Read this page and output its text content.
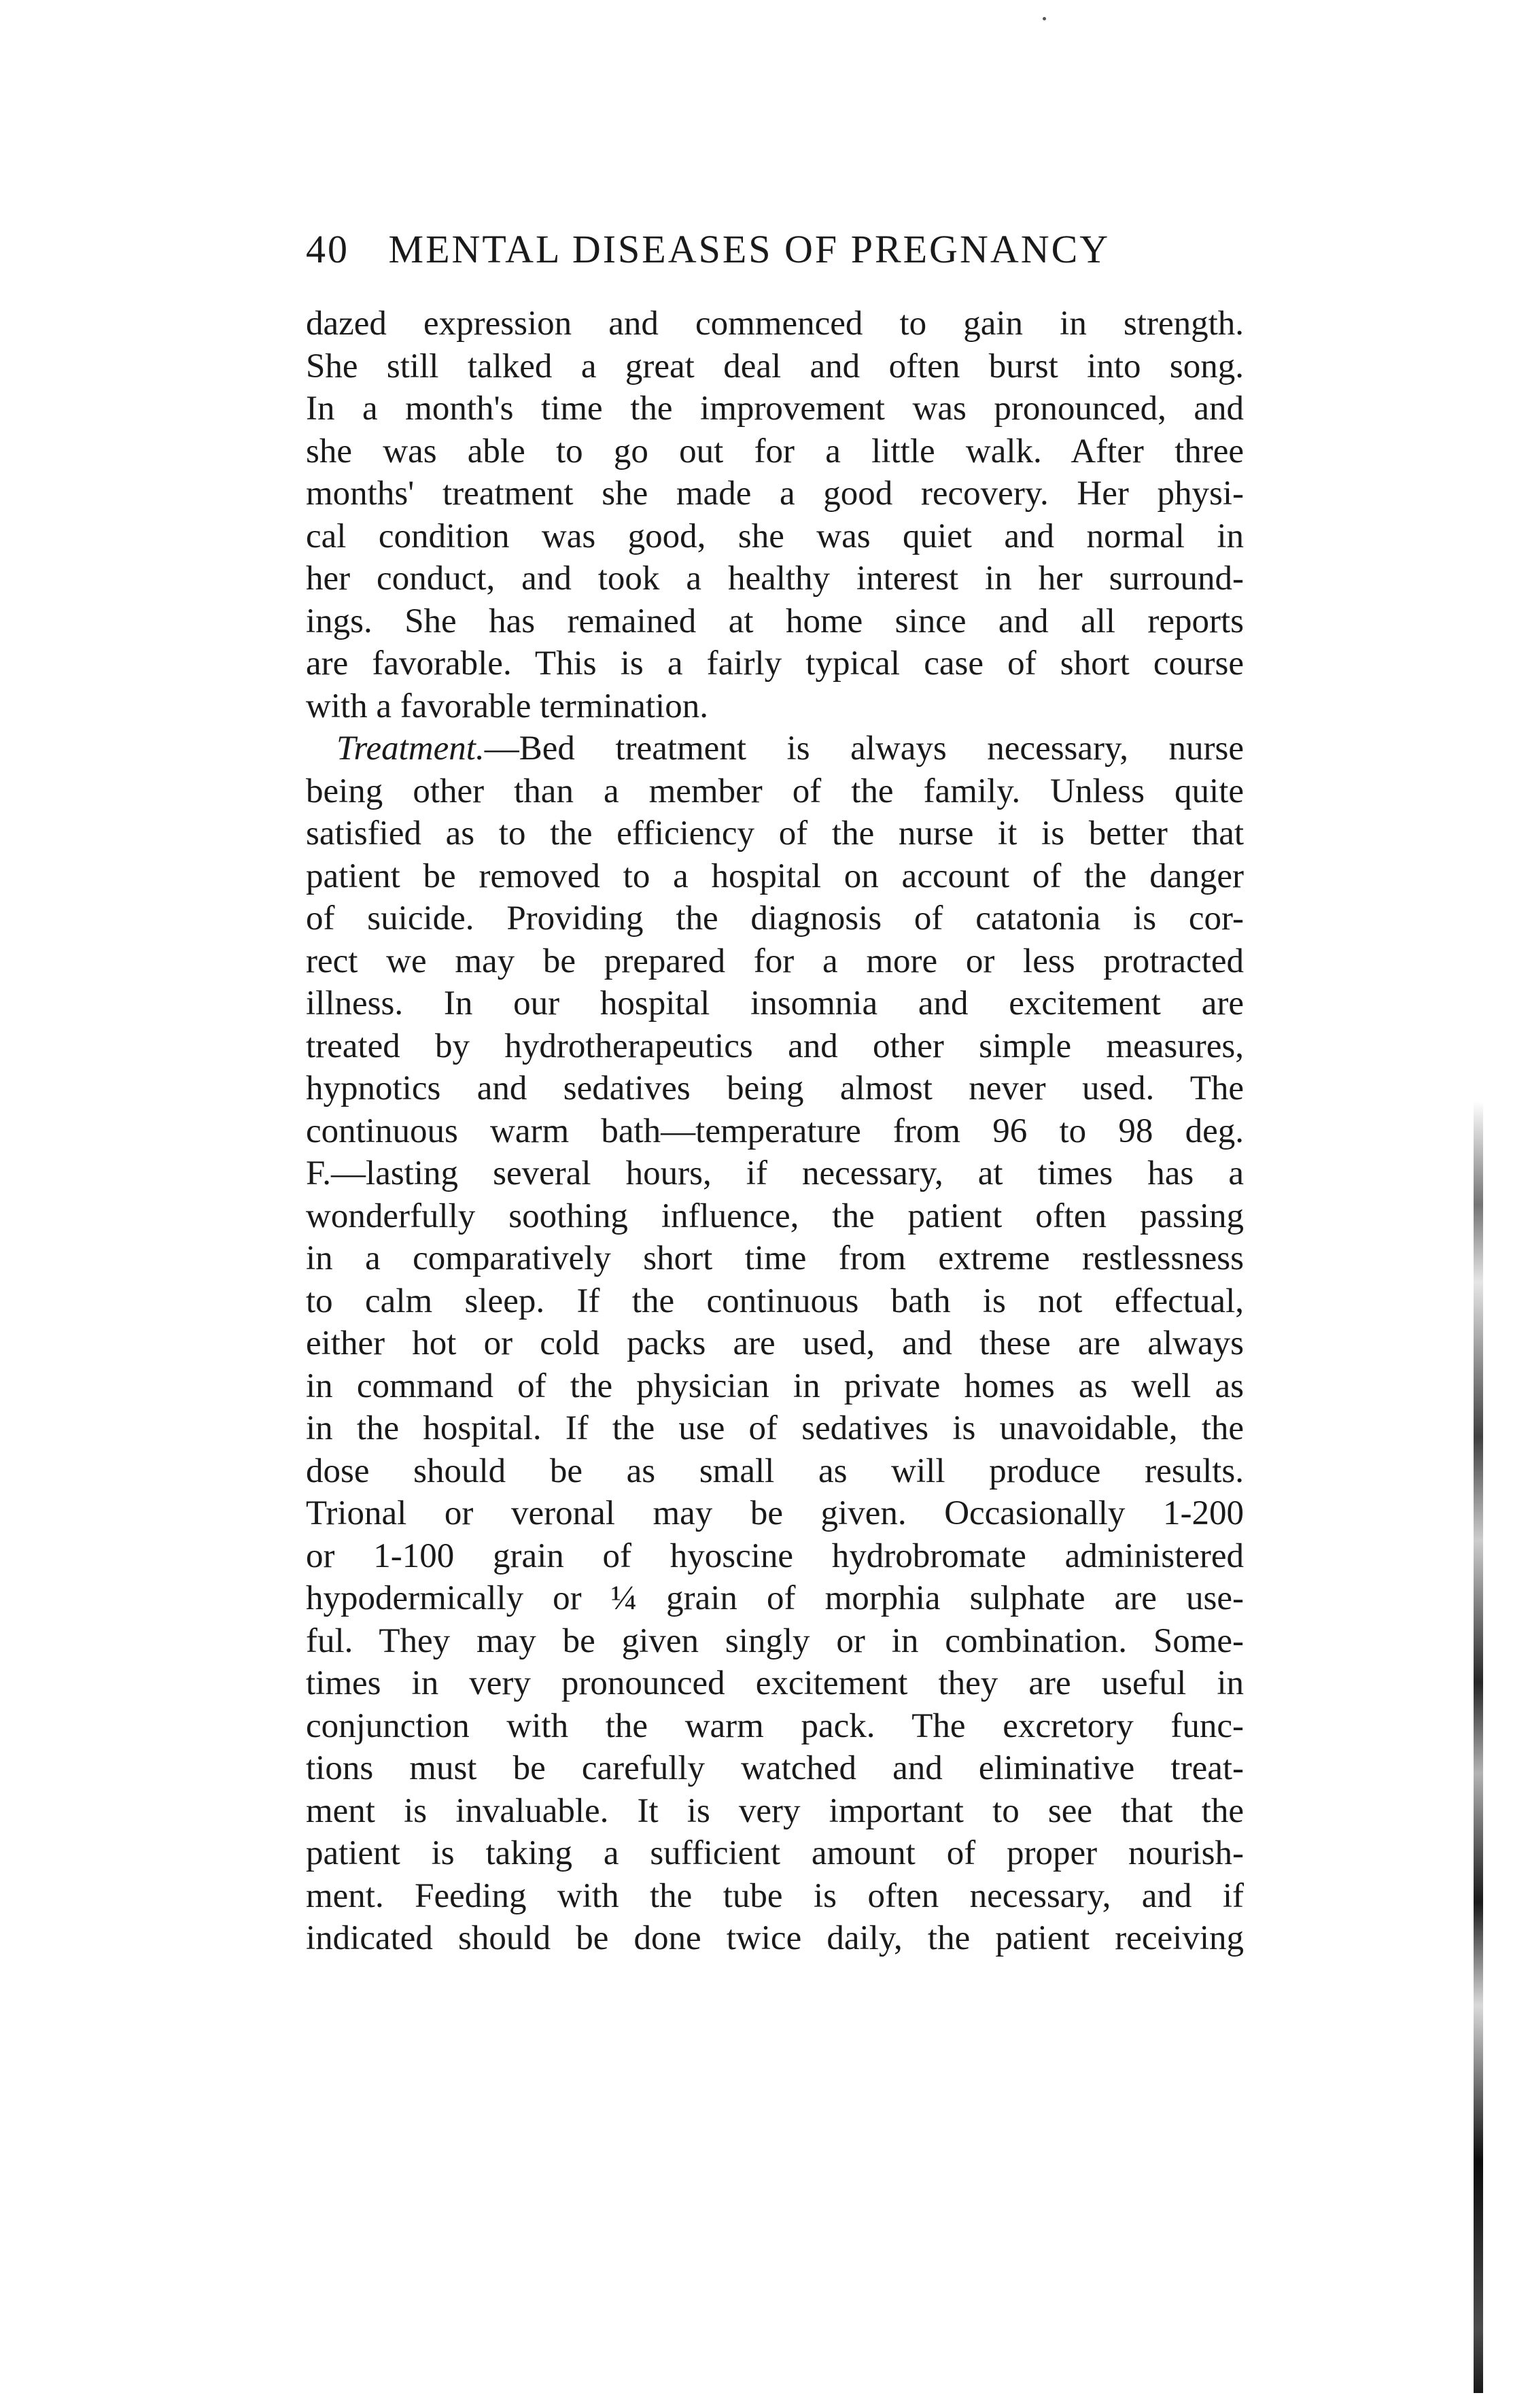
40 MENTAL DISEASES OF PREGNANCY
dazed expression and commenced to gain in strength.
She still talked a great deal and often burst into song.
In a month's time the improvement was pronounced, and
she was able to go out for a little walk. After three
months' treatment she made a good recovery. Her physi-
cal condition was good, she was quiet and normal in
her conduct, and took a healthy interest in her surround-
ings. She has remained at home since and all reports
are favorable. This is a fairly typical case of short course
with a favorable termination.
Treatment.—Bed treatment is always necessary, nurse
being other than a member of the family. Unless quite
satisfied as to the efficiency of the nurse it is better that
patient be removed to a hospital on account of the danger
of suicide. Providing the diagnosis of catatonia is cor-
rect we may be prepared for a more or less protracted
illness. In our hospital insomnia and excitement are
treated by hydrotherapeutics and other simple measures,
hypnotics and sedatives being almost never used. The
continuous warm bath—temperature from 96 to 98 deg.
F.—lasting several hours, if necessary, at times has a
wonderfully soothing influence, the patient often passing
in a comparatively short time from extreme restlessness
to calm sleep. If the continuous bath is not effectual,
either hot or cold packs are used, and these are always
in command of the physician in private homes as well as
in the hospital. If the use of sedatives is unavoidable, the
dose should be as small as will produce results.
Trional or veronal may be given. Occasionally 1-200
or 1-100 grain of hyoscine hydrobromate administered
hypodermically or ¼ grain of morphia sulphate are use-
ful. They may be given singly or in combination. Some-
times in very pronounced excitement they are useful in
conjunction with the warm pack. The excretory func-
tions must be carefully watched and eliminative treat-
ment is invaluable. It is very important to see that the
patient is taking a sufficient amount of proper nourish-
ment. Feeding with the tube is often necessary, and if
indicated should be done twice daily, the patient receiving
